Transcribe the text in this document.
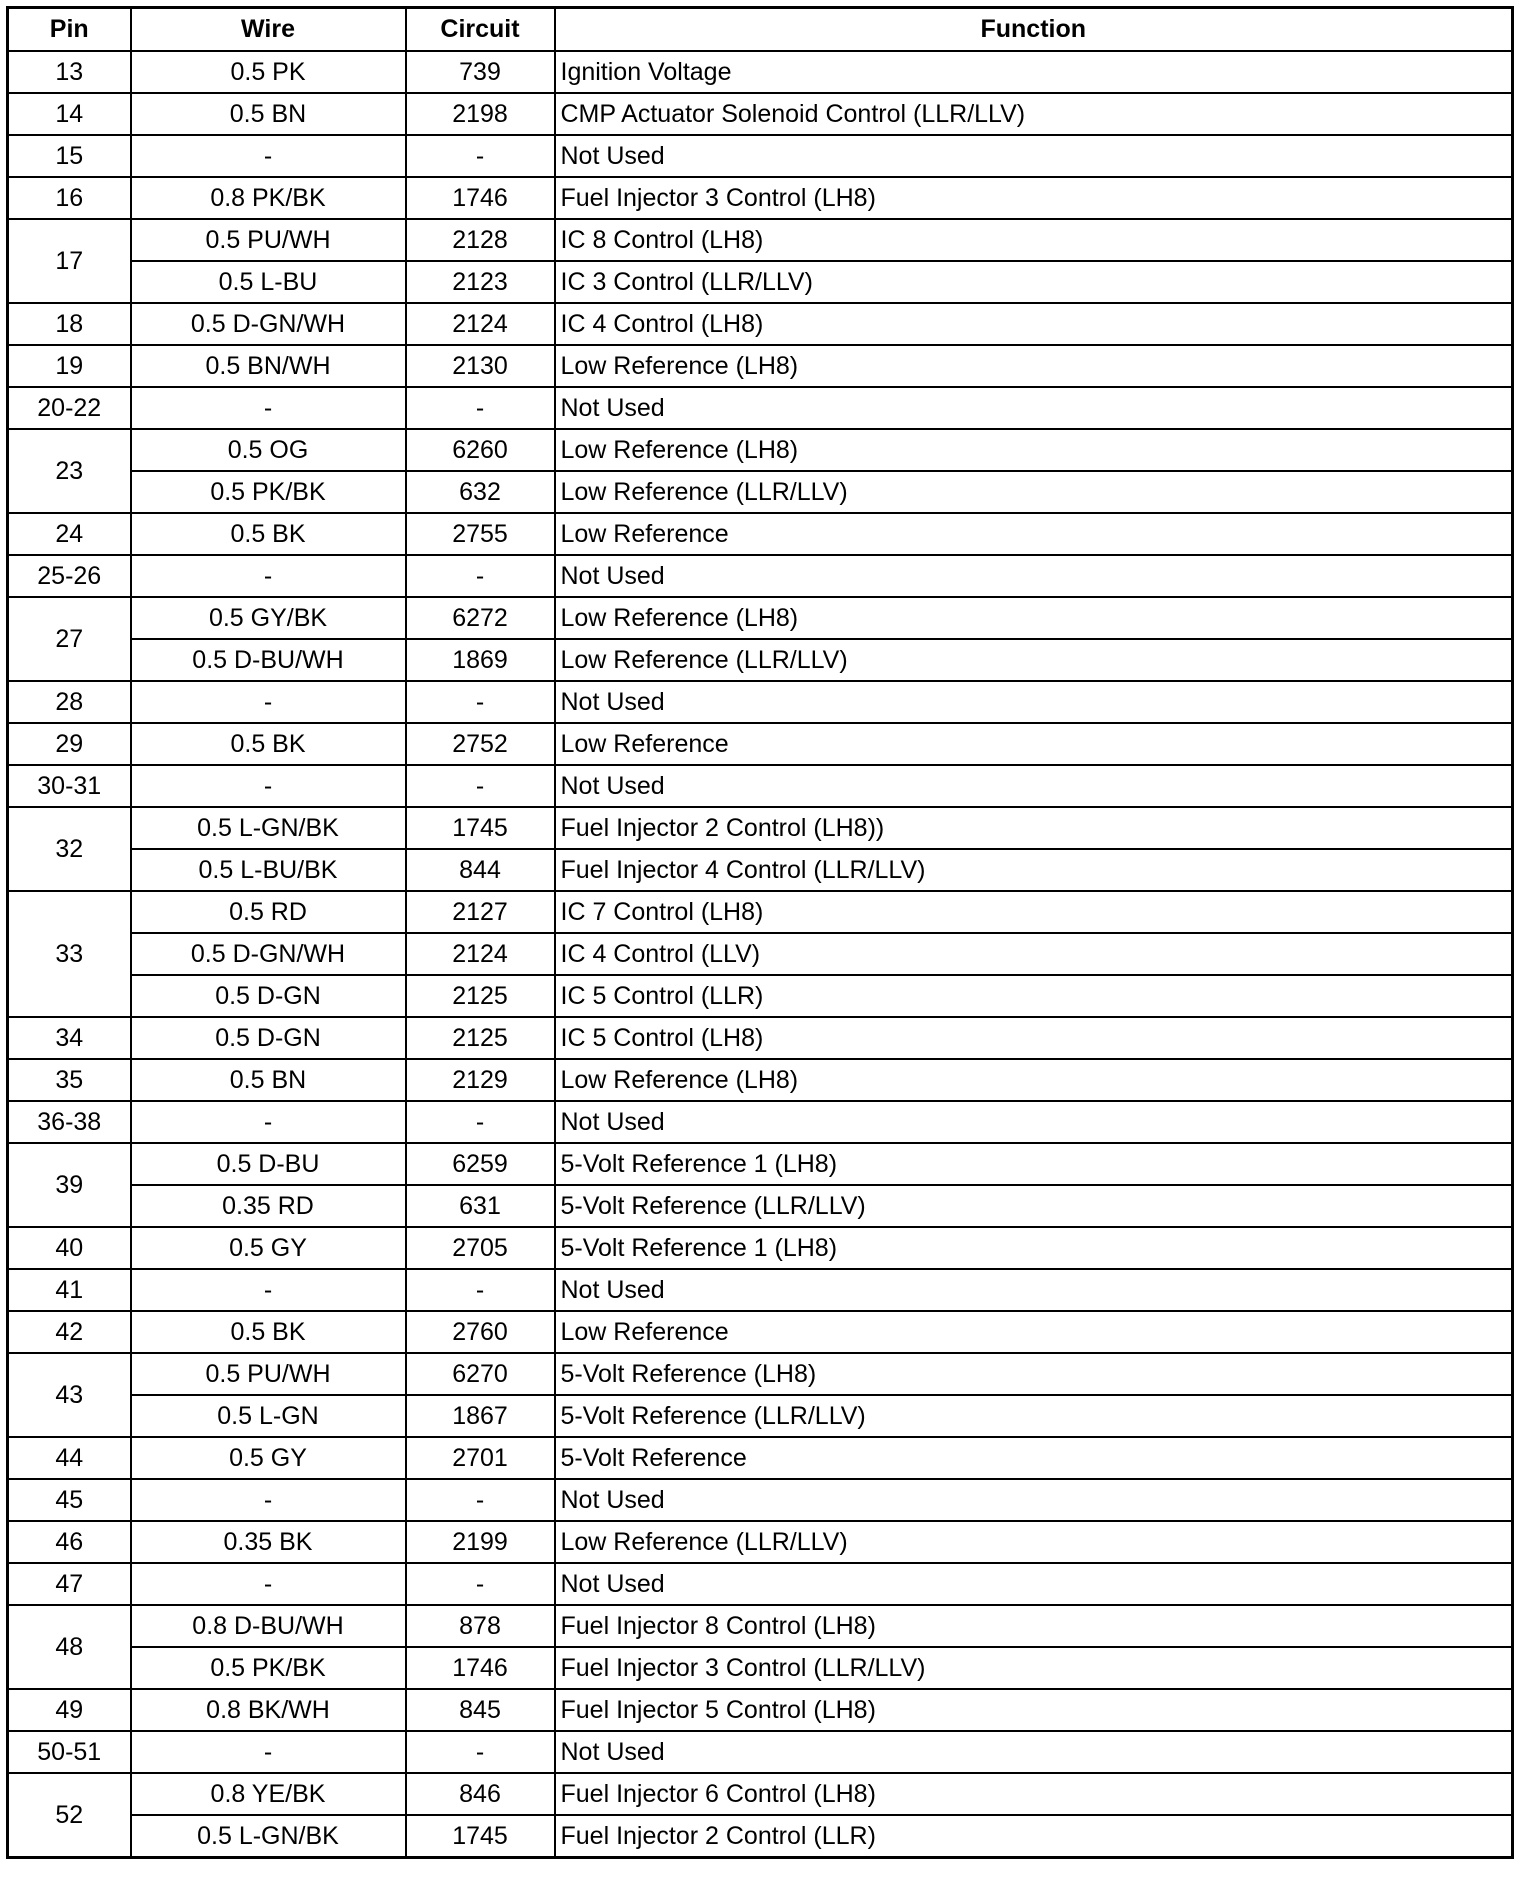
Pin	Wire	Circuit	Function
13	0.5 PK	739	Ignition Voltage
14	0.5 BN	2198	CMP Actuator Solenoid Control (LLR/LLV)
15	-	-	Not Used
16	0.8 PK/BK	1746	Fuel Injector 3 Control (LH8)
17	0.5 PU/WH	2128	IC 8 Control (LH8)
	0.5 L-BU	2123	IC 3 Control (LLR/LLV)
18	0.5 D-GN/WH	2124	IC 4 Control (LH8)
19	0.5 BN/WH	2130	Low Reference (LH8)
20-22	-	-	Not Used
23	0.5 OG	6260	Low Reference (LH8)
	0.5 PK/BK	632	Low Reference (LLR/LLV)
24	0.5 BK	2755	Low Reference
25-26	-	-	Not Used
27	0.5 GY/BK	6272	Low Reference (LH8)
	0.5 D-BU/WH	1869	Low Reference (LLR/LLV)
28	-	-	Not Used
29	0.5 BK	2752	Low Reference
30-31	-	-	Not Used
32	0.5 L-GN/BK	1745	Fuel Injector 2 Control (LH8))
	0.5 L-BU/BK	844	Fuel Injector 4 Control (LLR/LLV)
33	0.5 RD	2127	IC 7 Control (LH8)
	0.5 D-GN/WH	2124	IC 4 Control (LLV)
	0.5 D-GN	2125	IC 5 Control (LLR)
34	0.5 D-GN	2125	IC 5 Control (LH8)
35	0.5 BN	2129	Low Reference (LH8)
36-38	-	-	Not Used
39	0.5 D-BU	6259	5-Volt Reference 1 (LH8)
	0.35 RD	631	5-Volt Reference (LLR/LLV)
40	0.5 GY	2705	5-Volt Reference 1 (LH8)
41	-	-	Not Used
42	0.5 BK	2760	Low Reference
43	0.5 PU/WH	6270	5-Volt Reference (LH8)
	0.5 L-GN	1867	5-Volt Reference (LLR/LLV)
44	0.5 GY	2701	5-Volt Reference
45	-	-	Not Used
46	0.35 BK	2199	Low Reference (LLR/LLV)
47	-	-	Not Used
48	0.8 D-BU/WH	878	Fuel Injector 8 Control (LH8)
	0.5 PK/BK	1746	Fuel Injector 3 Control (LLR/LLV)
49	0.8 BK/WH	845	Fuel Injector 5 Control (LH8)
50-51	-	-	Not Used
52	0.8 YE/BK	846	Fuel Injector 6 Control (LH8)
	0.5 L-GN/BK	1745	Fuel Injector 2 Control (LLR)
